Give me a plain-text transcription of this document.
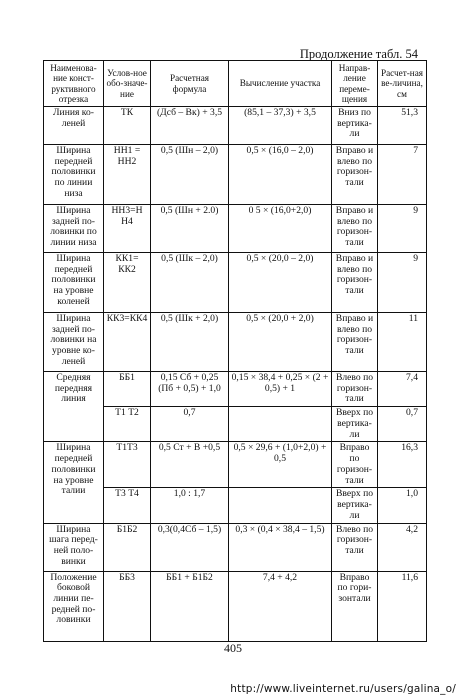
Продолжение табл. 54
Наименова-ние конст-руктивного отрезка	Услов-ное обо-значе-ние	Расчетная формула	Вычисление участка	Направ-ление переме-щения	Расчет-ная ве-личина, см
Линия ко-леней	ТК	(Дсб – Вк) + 3,5	(85,1 – 37,3) + 3,5	Вниз по вертика-ли	51,3
Ширина передней половинки по линии низа	НН1 = НН2	0,5 (Шн – 2,0)	0,5 × (16,0 – 2,0)	Вправо и влево по горизон-тали	7
Ширина задней по-ловинки по линии низа	НН3=Н Н4	0,5 (Шн + 2.0)	0 5 × (16,0+2,0)	Вправо и влево по горизон-тали	9
Ширина передней половинки на уровне коленей	КК1= КК2	0,5 (Шк – 2,0)	0,5 × (20,0 – 2,0)	Вправо и влево по горизон-тали	9
Ширина задней по-ловинки на уровне ко-леней	КК3=КК4	0,5 (Шк + 2,0)	0,5 × (20,0 + 2,0)	Вправо и влево по горизон-тали	11
Средняя передняя линия	ББ1	0,15 Сб + 0,25 (Пб + 0,5) + 1,0	0,15 × 38,4 + 0,25 × (2 + 0,5) + 1	Влево по горизон-тали	7,4
	Т1 Т2	0,7		Вверх по вертика-ли	0,7
Ширина передней половинки на уровне талии	Т1Т3	0,5 Ст + В +0,5	0,5 × 29,6 + (1,0+2,0) + 0,5	Вправо по горизон-тали	16,3
	Т3 Т4	1,0 : 1,7		Вверх по вертика-ли	1,0
Ширина шага перед-ней поло-винки	Б1Б2	0,3(0,4Сб – 1,5)	0,3 × (0,4 × 38,4 – 1,5)	Влево по горизон-тали	4,2
Положение боковой линии пе-редней по-ловинки	ББ3	ББ1 + Б1Б2	7,4 + 4,2	Вправо по гори-зонтали	11,6
405
http://www.liveinternet.ru/users/galina_o/
